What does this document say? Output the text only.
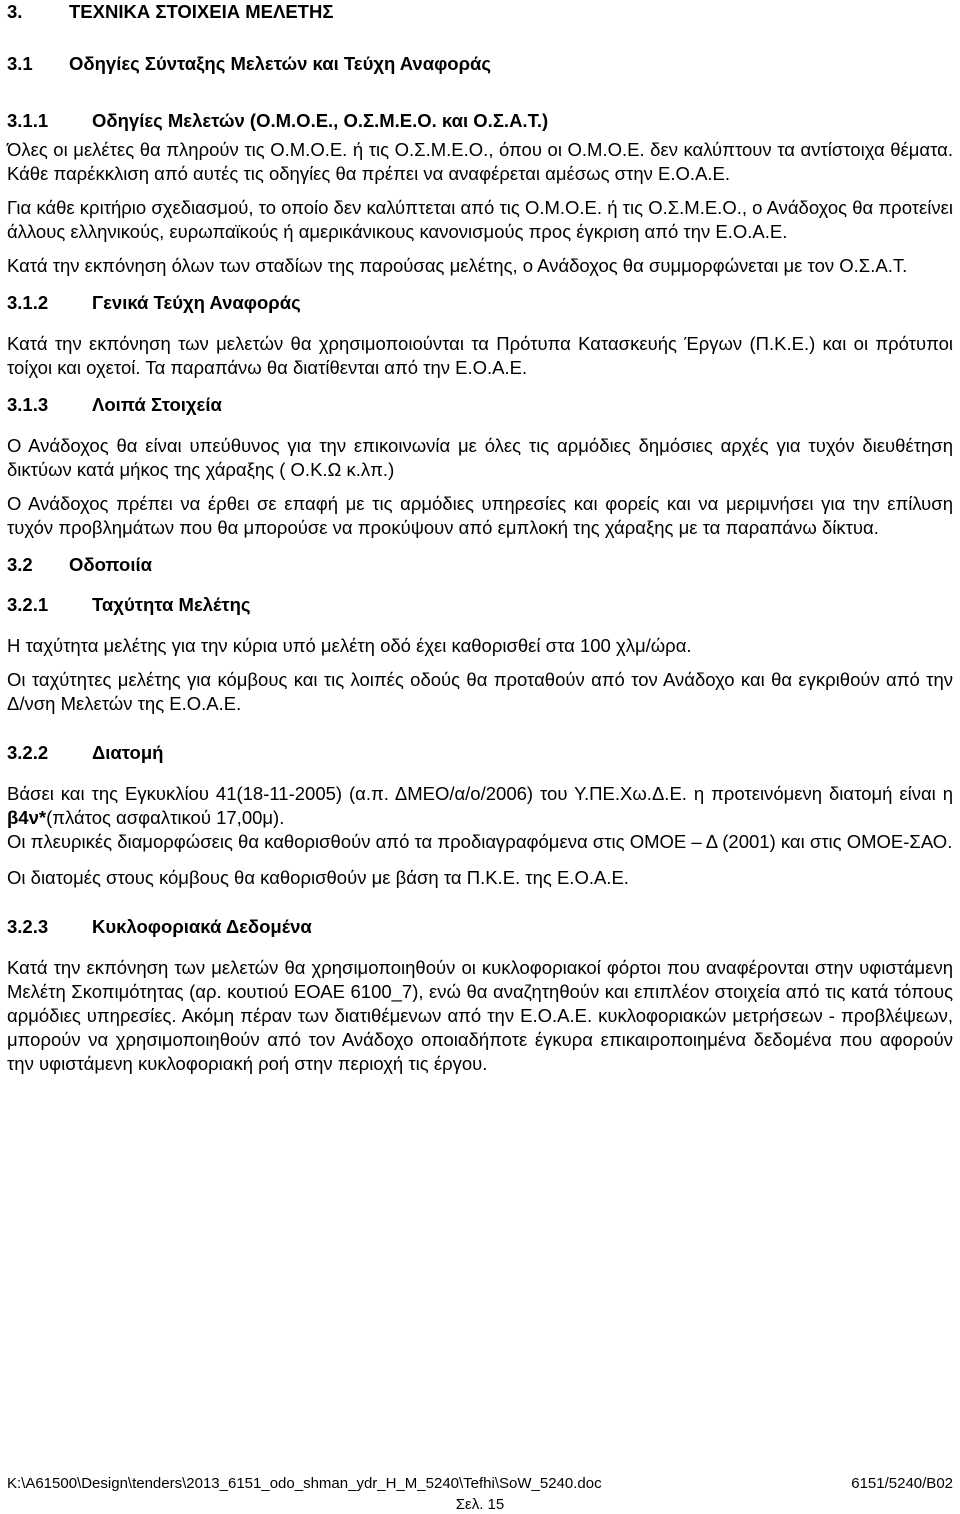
3.	ΤΕΧΝΙΚΑ ΣΤΟΙΧΕΙΑ ΜΕΛΕΤΗΣ
3.1	Οδηγίες Σύνταξης Μελετών και Τεύχη Αναφοράς
3.1.1	Οδηγίες Μελετών (Ο.Μ.Ο.Ε., Ο.Σ.Μ.Ε.Ο. και Ο.Σ.Α.Τ.)

Όλες οι μελέτες θα πληρούν τις Ο.Μ.Ο.Ε. ή τις Ο.Σ.Μ.Ε.Ο., όπου οι Ο.Μ.Ο.Ε. δεν καλύπτουν τα αντίστοιχα θέματα. Κάθε παρέκκλιση από αυτές τις οδηγίες θα πρέπει να αναφέρεται αμέσως στην Ε.Ο.Α.Ε.

Για κάθε κριτήριο σχεδιασμού, το οποίο δεν καλύπτεται από τις Ο.Μ.Ο.Ε. ή τις Ο.Σ.Μ.Ε.Ο., ο Ανάδοχος θα προτείνει άλλους ελληνικούς, ευρωπαϊκούς ή αμερικάνικους κανονισμούς προς έγκριση από την Ε.Ο.Α.Ε.

Κατά την εκπόνηση όλων των σταδίων της παρούσας μελέτης, ο Ανάδοχος θα συμμορφώνεται με τον Ο.Σ.Α.Τ.

3.1.2	Γενικά Τεύχη Αναφοράς

Κατά την εκπόνηση των μελετών θα χρησιμοποιούνται τα Πρότυπα Κατασκευής Έργων (Π.Κ.Ε.) και οι πρότυποι τοίχοι και οχετοί. Τα παραπάνω θα διατίθενται από την Ε.Ο.Α.Ε.

3.1.3	Λοιπά Στοιχεία

Ο Ανάδοχος θα είναι υπεύθυνος για την επικοινωνία με όλες τις αρμόδιες δημόσιες αρχές για τυχόν διευθέτηση δικτύων κατά μήκος της χάραξης ( Ο.Κ.Ω κ.λπ.)

Ο Ανάδοχος πρέπει να έρθει σε επαφή με τις αρμόδιες υπηρεσίες και φορείς και να μεριμνήσει για την επίλυση τυχόν προβλημάτων που θα μπορούσε να προκύψουν από εμπλοκή της χάραξης με τα παραπάνω δίκτυα.

3.2	Οδοποιία
3.2.1	Ταχύτητα Μελέτης

Η ταχύτητα μελέτης για την κύρια υπό μελέτη οδό έχει καθορισθεί στα 100 χλμ/ώρα.

Οι ταχύτητες μελέτης για κόμβους και τις λοιπές οδούς θα προταθούν από τον Ανάδοχο και θα εγκριθούν από την Δ/νση Μελετών της Ε.Ο.Α.Ε.

3.2.2	Διατομή

Βάσει και της Εγκυκλίου 41(18-11-2005) (α.π. ΔΜΕΟ/α/ο/2006) του Υ.ΠΕ.Χω.Δ.Ε. η προτεινόμενη διατομή είναι η β4ν*(πλάτος ασφαλτικού 17,00μ).

Οι πλευρικές διαμορφώσεις θα καθορισθούν από τα προδιαγραφόμενα στις ΟΜΟΕ – Δ (2001) και στις ΟΜΟΕ-ΣΑΟ.

Οι διατομές στους κόμβους θα καθορισθούν με βάση τα Π.Κ.Ε. της Ε.Ο.Α.Ε.

3.2.3	Κυκλοφοριακά Δεδομένα

Κατά την εκπόνηση των μελετών θα χρησιμοποιηθούν οι κυκλοφοριακοί φόρτοι που αναφέρονται στην υφιστάμενη Μελέτη Σκοπιμότητας (αρ. κουτιού ΕΟΑΕ 6100_7), ενώ θα αναζητηθούν και επιπλέον στοιχεία από τις κατά τόπους αρμόδιες υπηρεσίες. Ακόμη πέραν των διατιθέμενων από την Ε.Ο.Α.Ε. κυκλοφοριακών μετρήσεων - προβλέψεων, μπορούν να χρησιμοποιηθούν από τον Ανάδοχο οποιαδήποτε έγκυρα επικαιροποιημένα δεδομένα που αφορούν την υφιστάμενη κυκλοφοριακή ροή στην περιοχή τις έργου.

K:\A61500\Design\tenders\2013_6151_odo_shman_ydr_H_M_5240\Tefhi\SoW_5240.doc	6151/5240/B02
Σελ. 15
